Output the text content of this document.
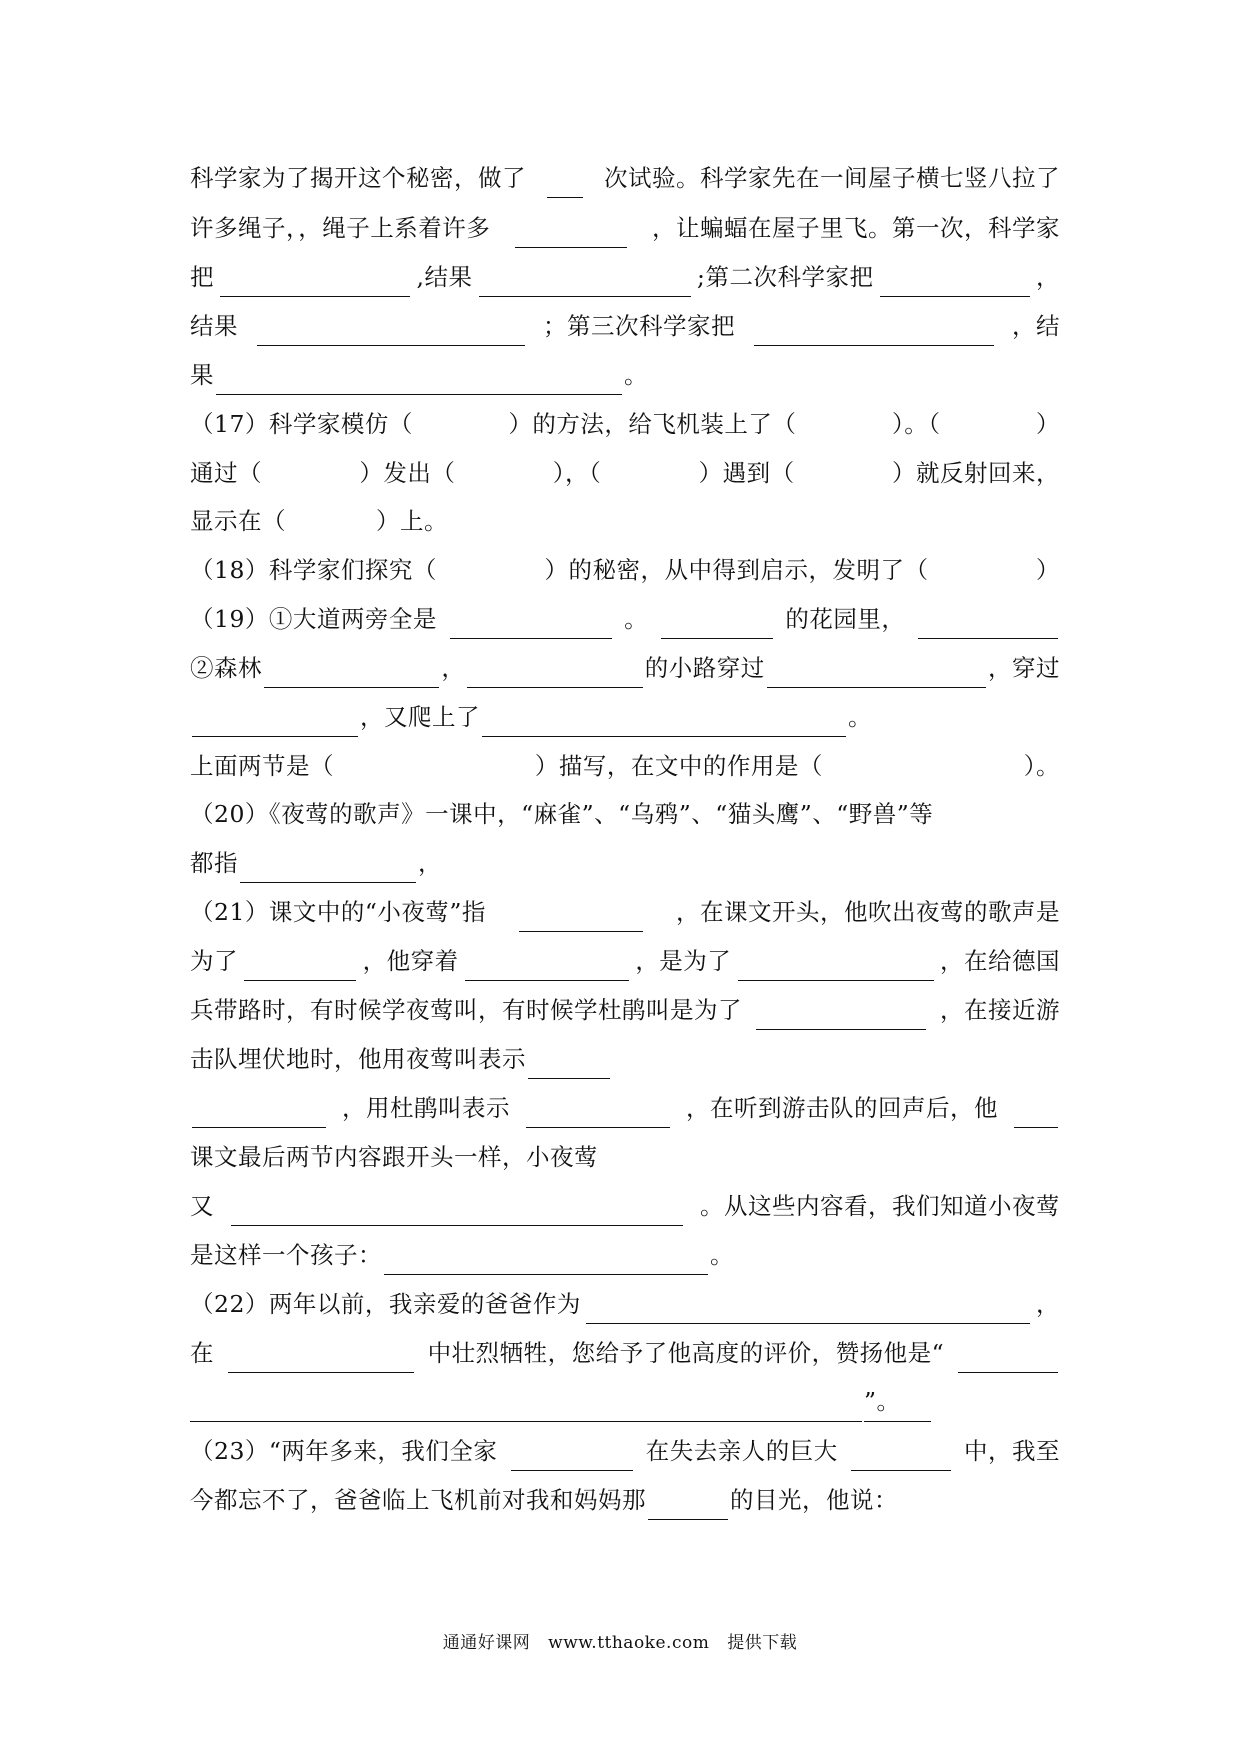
科学家为了揭开这个秘密，做了	次试验。科学家先在一间屋子横七竖八拉了
许多绳子，，绳子上系着许多	，让蝙蝠在屋子里飞。第一次，科学家
把	,结果	;第二次科学家把	，
结果	；第三次科学家把	，结
果	。
（17）科学家模仿（	）的方法，给飞机装上了（	）。（	）
通过（	）发出（	），（	）遇到（	）就反射回来，
显示在（	）上。
（18）科学家们探究（	）的秘密，从中得到启示，发明了（	）
（19）①大道两旁全是	。	的花园里，
②森林	，	的小路穿过	，穿过
，又爬上了	。
上面两节是（	）描写，在文中的作用是（	）。
（20）《夜莺的歌声》一课中，“麻雀”、“乌鸦”、“猫头鹰”、“野兽”等
都指	，
（21）课文中的“小夜莺”指	，在课文开头，他吹出夜莺的歌声是
为了	，他穿着	，是为了	，在给德国
兵带路时，有时候学夜莺叫，有时候学杜鹃叫是为了	，在接近游
击队埋伏地时，他用夜莺叫表示
，用杜鹃叫表示	，在听到游击队的回声后，他
课文最后两节内容跟开头一样，小夜莺
又	。从这些内容看，我们知道小夜莺
是这样一个孩子：	。
（22）两年以前，我亲爱的爸爸作为	，
在	中壮烈牺牲，您给予了他高度的评价，赞扬他是“
”。
（23）“两年多来，我们全家	在失去亲人的巨大	中，我至
今都忘不了，爸爸临上飞机前对我和妈妈那	的目光，他说：
通通好课网 www.tthaoke.com 提供下载
